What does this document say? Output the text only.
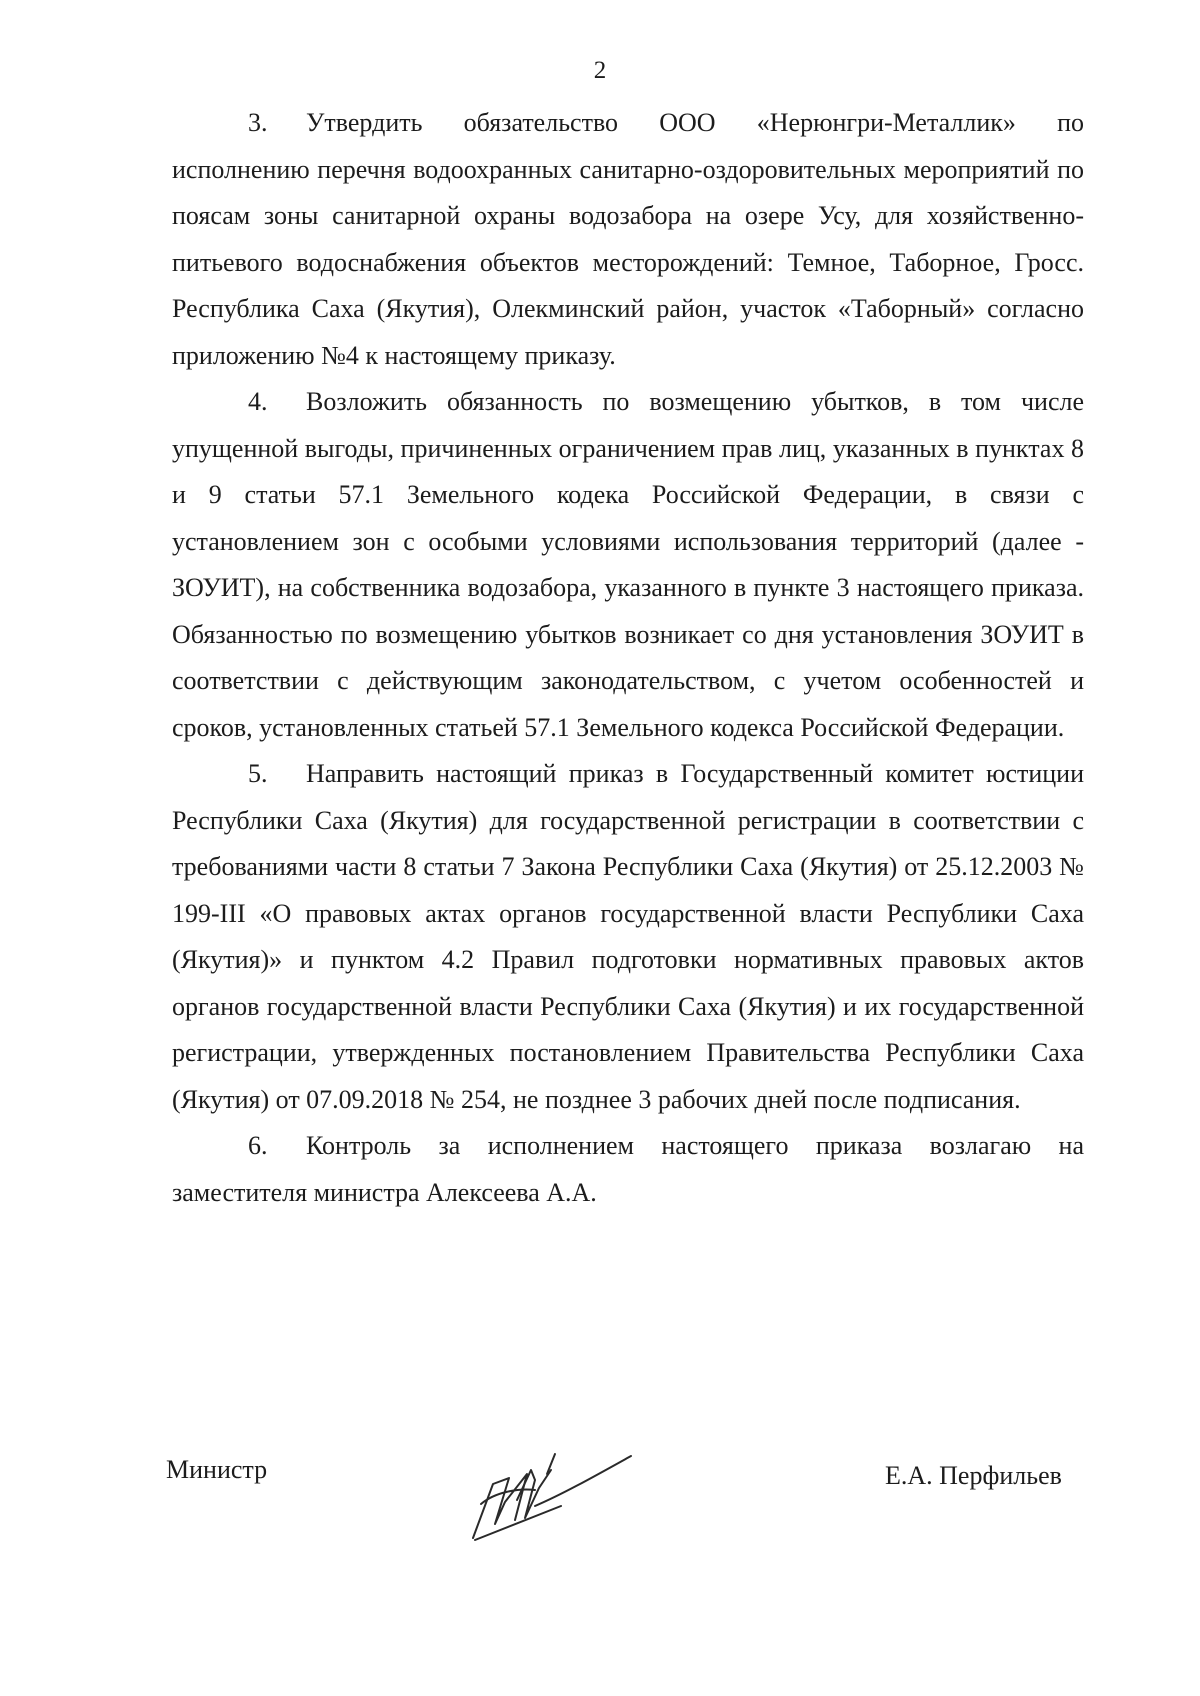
2

3. Утвердить обязательство ООО «Нерюнгри-Металлик» по исполнению перечня водоохранных санитарно-оздоровительных мероприятий по поясам зоны санитарной охраны водозабора на озере Усу, для хозяйственно-питьевого водоснабжения объектов месторождений: Темное, Таборное, Гросс. Республика Саха (Якутия), Олекминский район, участок «Таборный» согласно приложению №4 к настоящему приказу.

4. Возложить обязанность по возмещению убытков, в том числе упущенной выгоды, причиненных ограничением прав лиц, указанных в пунктах 8 и 9 статьи 57.1 Земельного кодека Российской Федерации, в связи с установлением зон с особыми условиями использования территорий (далее - ЗОУИТ), на собственника водозабора, указанного в пункте 3 настоящего приказа. Обязанностью по возмещению убытков возникает со дня установления ЗОУИТ в соответствии с действующим законодательством, с учетом особенностей и сроков, установленных статьей 57.1 Земельного кодекса Российской Федерации.

5. Направить настоящий приказ в Государственный комитет юстиции Республики Саха (Якутия) для государственной регистрации в соответствии с требованиями части 8 статьи 7 Закона Республики Саха (Якутия) от 25.12.2003 № 199-III «О правовых актах органов государственной власти Республики Саха (Якутия)» и пунктом 4.2 Правил подготовки нормативных правовых актов органов государственной власти Республики Саха (Якутия) и их государственной регистрации, утвержденных постановлением Правительства Республики Саха (Якутия) от 07.09.2018 № 254, не позднее 3 рабочих дней после подписания.

6. Контроль за исполнением настоящего приказа возлагаю на заместителя министра Алексеева А.А.

Министр	Е.А. Перфильев
